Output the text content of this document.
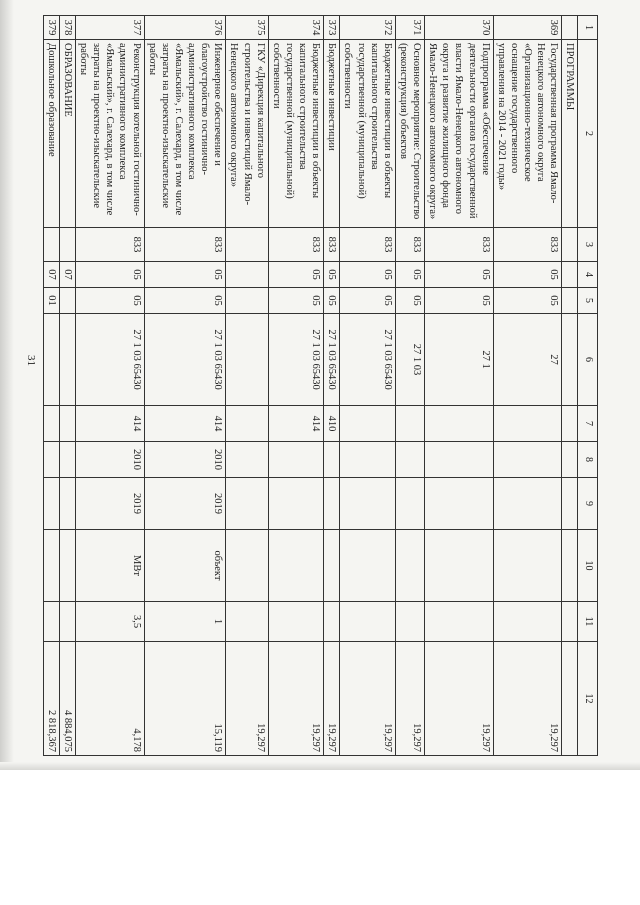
31
1	2	3	4	5	6	7	8	9	10	11	12
	ПРОГРАММЫ										
369	Государственная программа Ямало-Ненецкого автономного округа «Организационно-техническое оснащение государственного управления на 2014 - 2021 годы»	833	05	05	27						19,297
370	Подпрограмма «Обеспечение деятельности органов государственной власти Ямало-Ненецкого автономного округа и развитие жилищного фонда Ямало-Ненецкого автономного округа»	833	05	05	27 1						19,297
371	Основное мероприятие: Строительство (реконструкция) объектов	833	05	05	27 1 03						19,297
372	Бюджетные инвестиции в объекты капитального строительства государственной (муниципальной) собственности	833	05	05	27 1 03 65430						19,297
373	Бюджетные инвестиции	833	05	05	27 1 03 65430	410					19,297
374	Бюджетные инвестиции в объекты капитального строительства государственной (муниципальной) собственности	833	05	05	27 1 03 65430	414					19,297
375	ГКУ «Дирекция капитального строительства и инвестиций Ямало-Ненецкого автономного округа»										19,297
376	Инженерное обеспечение и благоустройство гостинично-административного комплекса «Ямальский», г. Салехард, в том числе затраты на проектно-изыскательские работы	833	05	05	27 1 03 65430	414	2010	2019	объект	1	15,119
377	Реконструкция котельной гостинично-административного комплекса «Ямальский», г. Салехард, в том числе затраты на проектно-изыскательские работы	833	05	05	27 1 03 65430	414	2010	2019	МВт	3,5	4,178
378	ОБРАЗОВАНИЕ		07								4 884,075
379	Дошкольное образование		07	01							2 818,367
